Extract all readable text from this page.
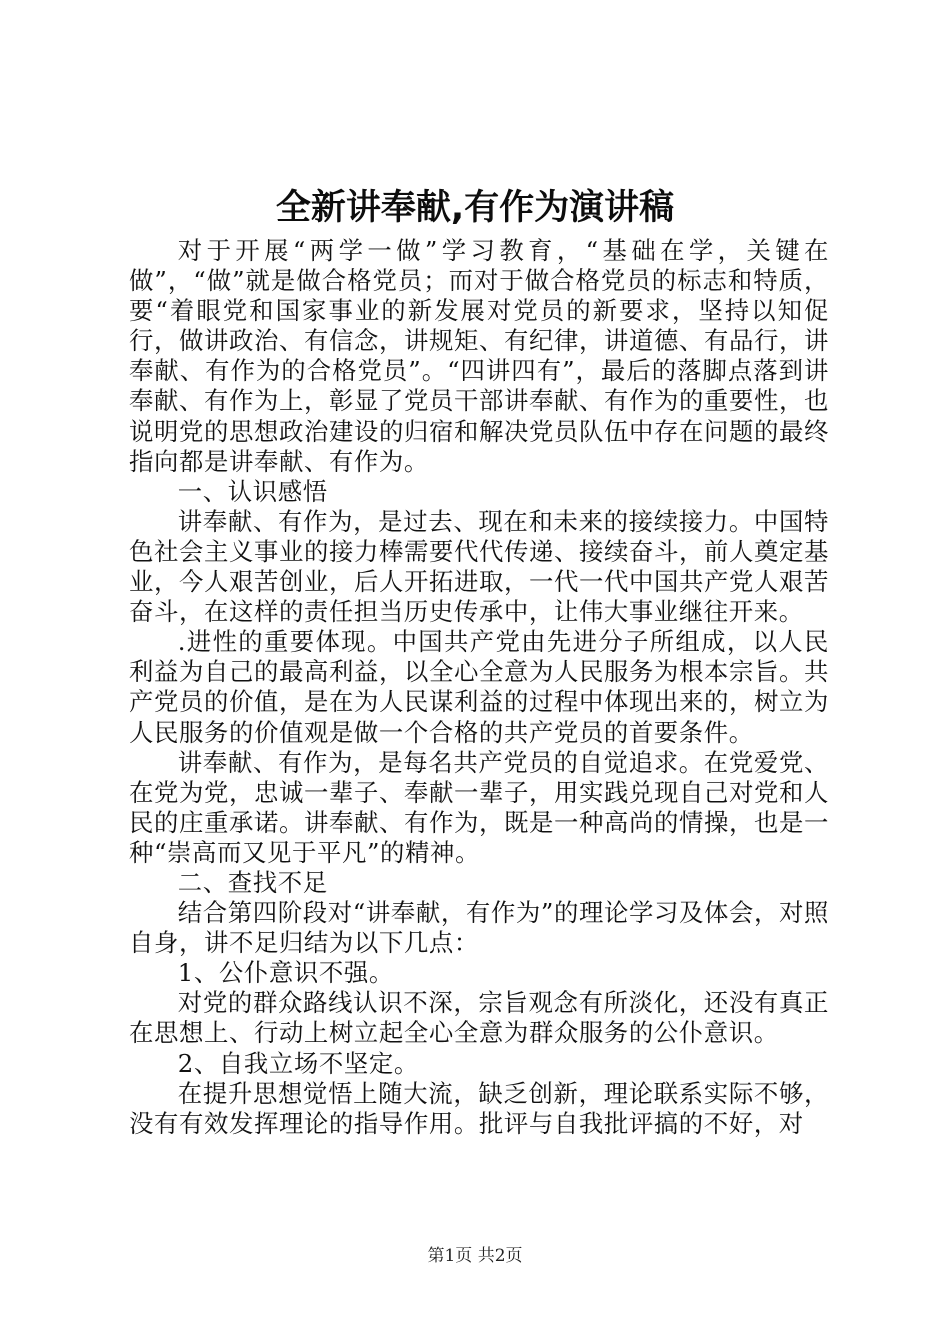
全新讲奉献,有作为演讲稿

对于开展“两学一做”学习教育，“基础在学，关键在做”，“做”就是做合格党员；而对于做合格党员的标志和特质，要“着眼党和国家事业的新发展对党员的新要求，坚持以知促行，做讲政治、有信念，讲规矩、有纪律，讲道德、有品行，讲奉献、有作为的合格党员”。“四讲四有”，最后的落脚点落到讲奉献、有作为上，彰显了党员干部讲奉献、有作为的重要性，也说明党的思想政治建设的归宿和解决党员队伍中存在问题的最终指向都是讲奉献、有作为。

一、认识感悟

讲奉献、有作为，是过去、现在和未来的接续接力。中国特色社会主义事业的接力棒需要代代传递、接续奋斗，前人奠定基业，今人艰苦创业，后人开拓进取，一代一代中国共产党人艰苦奋斗，在这样的责任担当历史传承中，让伟大事业继往开来。

.进性的重要体现。中国共产党由先进分子所组成，以人民利益为自己的最高利益，以全心全意为人民服务为根本宗旨。共产党员的价值，是在为人民谋利益的过程中体现出来的，树立为人民服务的价值观是做一个合格的共产党员的首要条件。

讲奉献、有作为，是每名共产党员的自觉追求。在党爱党、在党为党，忠诚一辈子、奉献一辈子，用实践兑现自己对党和人民的庄重承诺。讲奉献、有作为，既是一种高尚的情操，也是一种“崇高而又见于平凡”的精神。

二、查找不足

结合第四阶段对“讲奉献，有作为”的理论学习及体会，对照自身，讲不足归结为以下几点：

1、公仆意识不强。

对党的群众路线认识不深，宗旨观念有所淡化，还没有真正在思想上、行动上树立起全心全意为群众服务的公仆意识。

2、自我立场不坚定。

在提升思想觉悟上随大流，缺乏创新，理论联系实际不够，没有有效发挥理论的指导作用。批评与自我批评搞的不好，对

第1页 共2页
